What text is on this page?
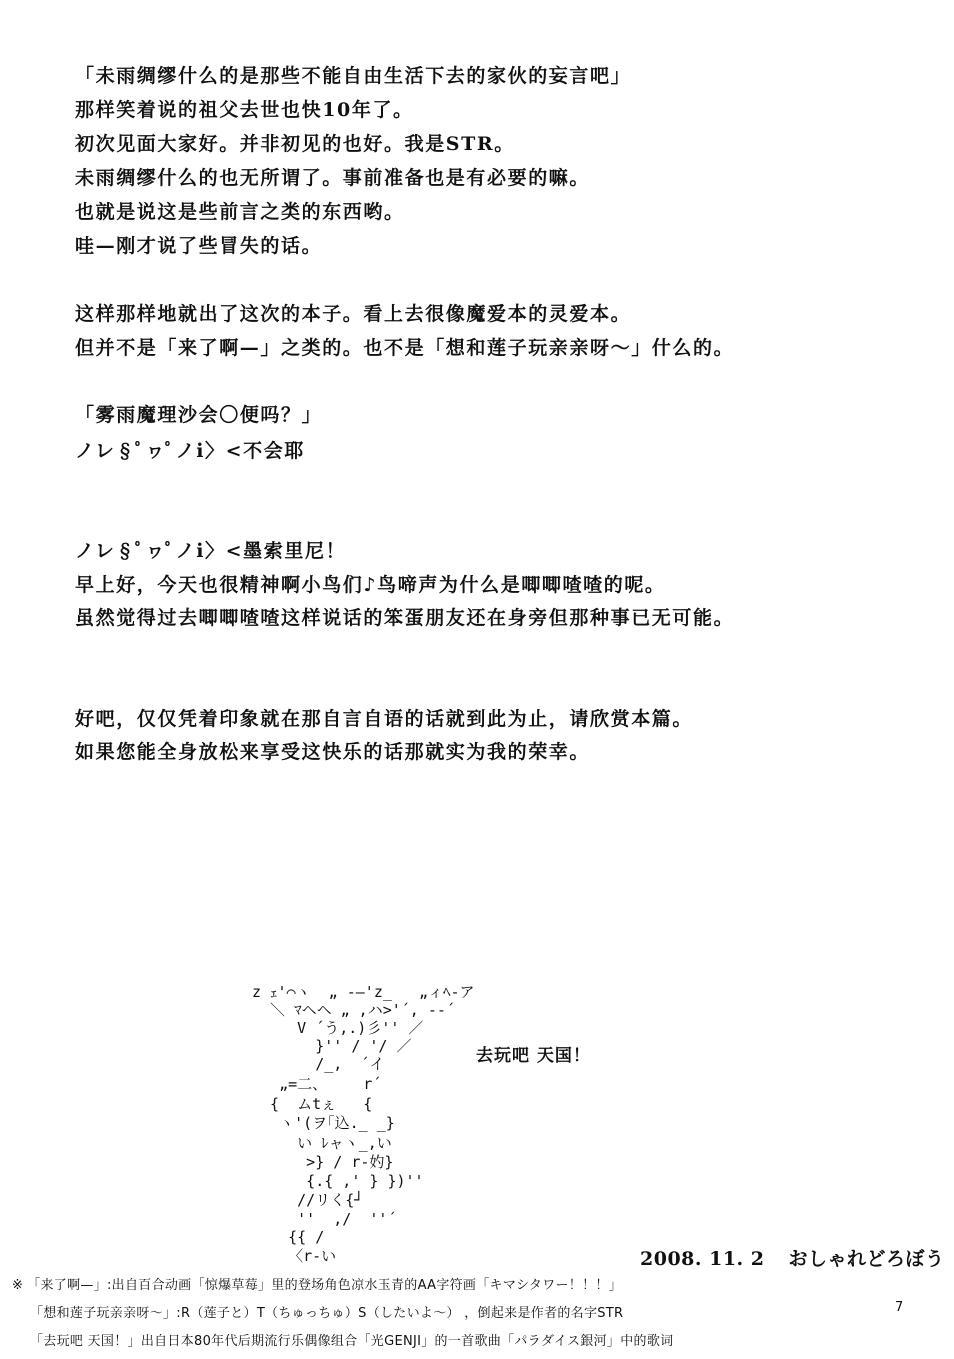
「未雨绸缪什么的是那些不能自由生活下去的家伙的妄言吧」
那样笑着说的祖父去世也快10年了。
初次见面大家好。并非初见的也好。我是STR。
未雨绸缪什么的也无所谓了。事前准备也是有必要的嘛。
也就是说这是些前言之类的东西哟。
哇—刚才说了些冒失的话。
这样那样地就出了这次的本子。看上去很像魔爱本的灵爱本。
但并不是「来了啊—」之类的。也不是「想和莲子玩亲亲呀～」什么的。
「雾雨魔理沙会〇便吗？」
ノレ§ﾟヮﾟノi〉<不会耶
ノレ§ﾟヮﾟノi〉<墨索里尼！
早上好，今天也很精神啊小鸟们♪鸟啼声为什么是唧唧喳喳的呢。
虽然觉得过去唧唧喳喳这样说话的笨蛋朋友还在身旁但那种事已无可能。
好吧，仅仅凭着印象就在那自言自语的话就到此为止，请欣赏本篇。
如果您能全身放松来享受这快乐的话那就实为我的荣幸。
z ｪ'⌒ヽ  „ -—'z_   „ィﾍ-ア
＼ ﾏヘヘ „ ,ハ>'´, -‐´
V ´う,.)彡'' ／
}'' / '/ ／
/_,  ´イ
„=二、    r´
{  ムtぇ   {
ヽ'(ヲ｢込._ _}
い ﾚャヽ_,い
>} / r-妁}
{.{ ,' } })''
//リく{┘
''  ,/  ''´
{{ /
〈r-い
去玩吧 天国！
2008. 11. 2 おしゃれどろぼう
7
※ 「来了啊—」:出自百合动画「惊爆草莓」里的登场角色凉水玉青的AA字符画「キマシタワー！！！」
「想和莲子玩亲亲呀～」:R（莲子と）T（ちゅっちゅ）S（したいよ～） ，倒起来是作者的名字STR
「去玩吧 天国！」出自日本80年代后期流行乐偶像组合「光GENJI」的一首歌曲「パラダイス銀河」中的歌词
